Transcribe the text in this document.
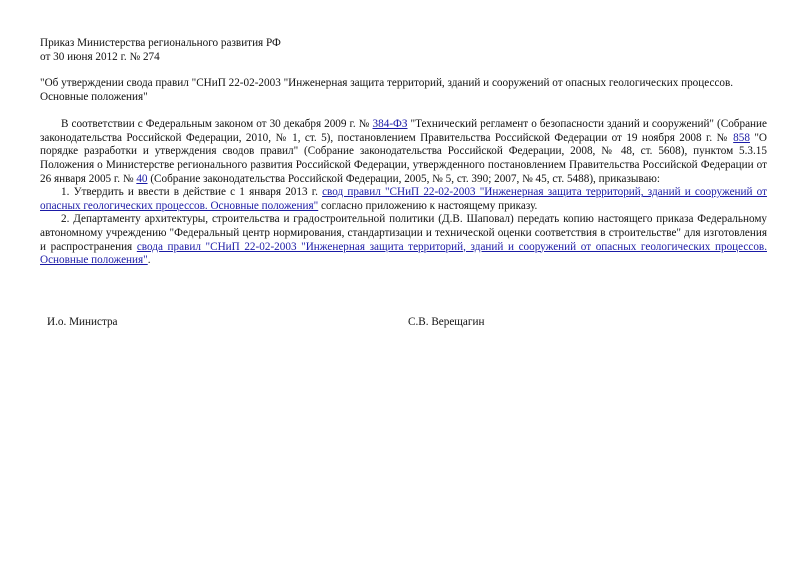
Приказ Министерства регионального развития РФ
от 30 июня 2012 г. № 274

"Об утверждении свода правил "СНиП 22-02-2003 "Инженерная защита территорий, зданий и сооружений от опасных геологических процессов. Основные положения"

В соответствии с Федеральным законом от 30 декабря 2009 г. № 384-ФЗ "Технический регламент о безопасности зданий и сооружений" (Собрание законодательства Российской Федерации, 2010, № 1, ст. 5), постановлением Правительства Российской Федерации от 19 ноября 2008 г. № 858 "О порядке разработки и утверждения сводов правил" (Собрание законодательства Российской Федерации, 2008, № 48, ст. 5608), пунктом 5.3.15 Положения о Министерстве регионального развития Российской Федерации, утвержденного постановлением Правительства Российской Федерации от 26 января 2005 г. № 40 (Собрание законодательства Российской Федерации, 2005, № 5, ст. 390; 2007, № 45, ст. 5488), приказываю:

1. Утвердить и ввести в действие с 1 января 2013 г. свод правил "СНиП 22-02-2003 "Инженерная защита территорий, зданий и сооружений от опасных геологических процессов. Основные положения" согласно приложению к настоящему приказу.

2. Департаменту архитектуры, строительства и градостроительной политики (Д.В. Шаповал) передать копию настоящего приказа Федеральному автономному учреждению "Федеральный центр нормирования, стандартизации и технической оценки соответствия в строительстве" для изготовления и распространения свода правил "СНиП 22-02-2003 "Инженерная защита территорий, зданий и сооружений от опасных геологических процессов. Основные положения".

И.о. Министра	С.В. Верещагин
